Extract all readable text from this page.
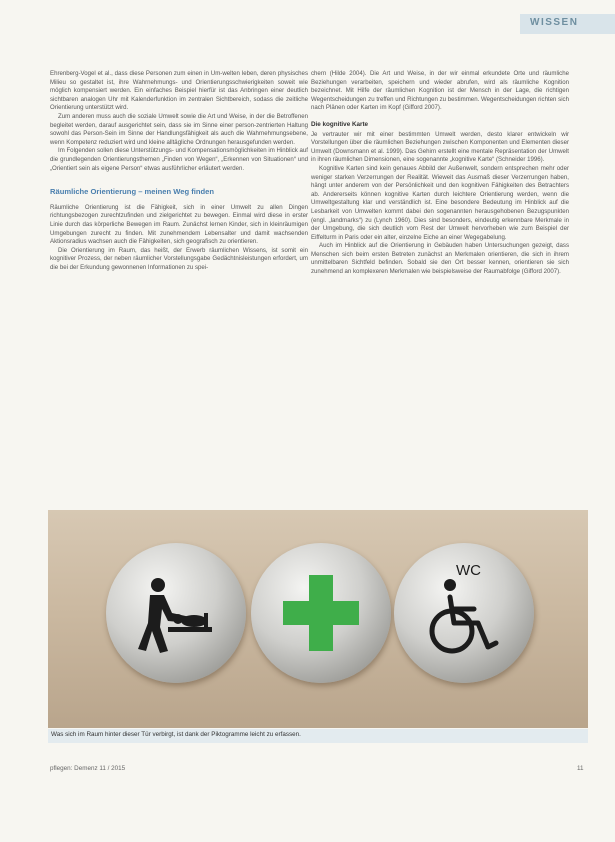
WISSEN

Ehrenberg-Vogel et al., dass diese Personen zum einen in Um-welten leben, deren physisches Milieu so gestaltet ist, ihre Wahrnehmungs- und Orientierungsschwierigkeiten soweit wie möglich kompensiert werden. Ein einfaches Beispiel hierfür ist das Anbringen einer deutlich sichtbaren analogen Uhr mit Kalenderfunktion im zentralen Sichtbereich, sodass die zeitliche Orientierung unterstützt wird.

Zum anderen muss auch die soziale Umwelt sowie die Art und Weise, in der die Betroffenen begleitet werden, darauf ausgerichtet sein, dass sie im Sinne einer person-zentrierten Haltung sowohl das Person-Sein im Sinne der Handlungsfähigkeit als auch die Wahrnehmungsebene, wenn Kompetenz reduziert wird und kleine alltägliche Ordnungen herausgefunden werden.

Im Folgenden sollen diese Unterstützungs- und Kompensationsmöglichkeiten im Hinblick auf die grundlegenden Orientierungsthemen „Finden von Wegen“, „Erkennen von Situationen“ und „Orientiert sein als eigene Person“ etwas ausführlicher erläutert werden.

Räumliche Orientierung – meinen Weg finden

Räumliche Orientierung ist die Fähigkeit, sich in einer Umwelt zu allen Dingen richtungsbezogen zurechtzufinden und zielgerichtet zu bewegen. Einmal wird diese in erster Linie durch das körperliche Bewegen im Raum. Zunächst lernen Kinder, sich in kleinräumigen Umgebungen zurecht zu finden. Mit zunehmendem Lebensalter und damit wachsenden Aktionsradius wachsen auch die Fähigkeiten, sich geografisch zu orientieren.

Die Orientierung im Raum, das heißt, der Erwerb räumlichen Wissens, ist somit ein kognitiver Prozess, der neben räumlicher Vorstellungsgabe Gedächtnisleistungen erfordert, um die bei der Erkundung gewonnenen Informationen zu spei-

chern (Hilde 2004). Die Art und Weise, in der wir einmal erkundete Orte und räumliche Beziehungen verarbeiten, speichern und wieder abrufen, wird als räumliche Kognition bezeichnet. Mit Hilfe der räumlichen Kognition ist der Mensch in der Lage, die richtigen Wegentscheidungen zu treffen und Richtungen zu bestimmen. Wegentscheidungen richten sich nach Plänen oder Karten im Kopf (Gifford 2007).

Die kognitive Karte

Je vertrauter wir mit einer bestimmten Umwelt werden, desto klarer entwickeln wir Vorstellungen über die räumlichen Beziehungen zwischen Komponenten und Elementen dieser Umwelt (Downsmann et al. 1999). Das Gehirn erstellt eine mentale Repräsentation der Umwelt in ihren räumlichen Dimensionen, eine sogenannte „kognitive Karte“ (Schneider 1996).

Kognitive Karten sind kein genaues Abbild der Außenwelt, sondern entsprechen mehr oder weniger starken Verzerrungen der Realität. Wieweit das Ausmaß dieser Verzerrungen haben, hängt unter anderem von der Persönlichkeit und den kognitiven Fähigkeiten des Betrachters ab. Andererseits können kognitive Karten durch leichtere Orientierung werden, wenn die Umweltgestaltung klar und verständlich ist. Eine besondere Bedeutung im Hinblick auf die Lesbarkeit von Umwelten kommt dabei den sogenannten herausgehobenen Bezugspunkten (engl. „landmarks“) zu (Lynch 1960). Dies sind besonders, eindeutig erkennbare Merkmale in der Umgebung, die sich deutlich vom Rest der Umwelt hervorheben wie zum Beispiel der Eiffelturm in Paris oder ein alter, einzelne Eiche an einer Wegegabelung.

Auch im Hinblick auf die Orientierung in Gebäuden haben Untersuchungen gezeigt, dass Menschen sich beim ersten Betreten zunächst an Merkmalen orientieren, die sich in ihrem unmittelbaren Sichtfeld befinden. Sobald sie den Ort besser kennen, orientieren sie sich zunehmend an komplexeren Merkmalen wie beispielsweise der Raumabfolge (Gifford 2007).

WC
Was sich im Raum hinter dieser Tür verbirgt, ist dank der Piktogramme leicht zu erfassen.
pflegen: Demenz 11 / 2015	11
